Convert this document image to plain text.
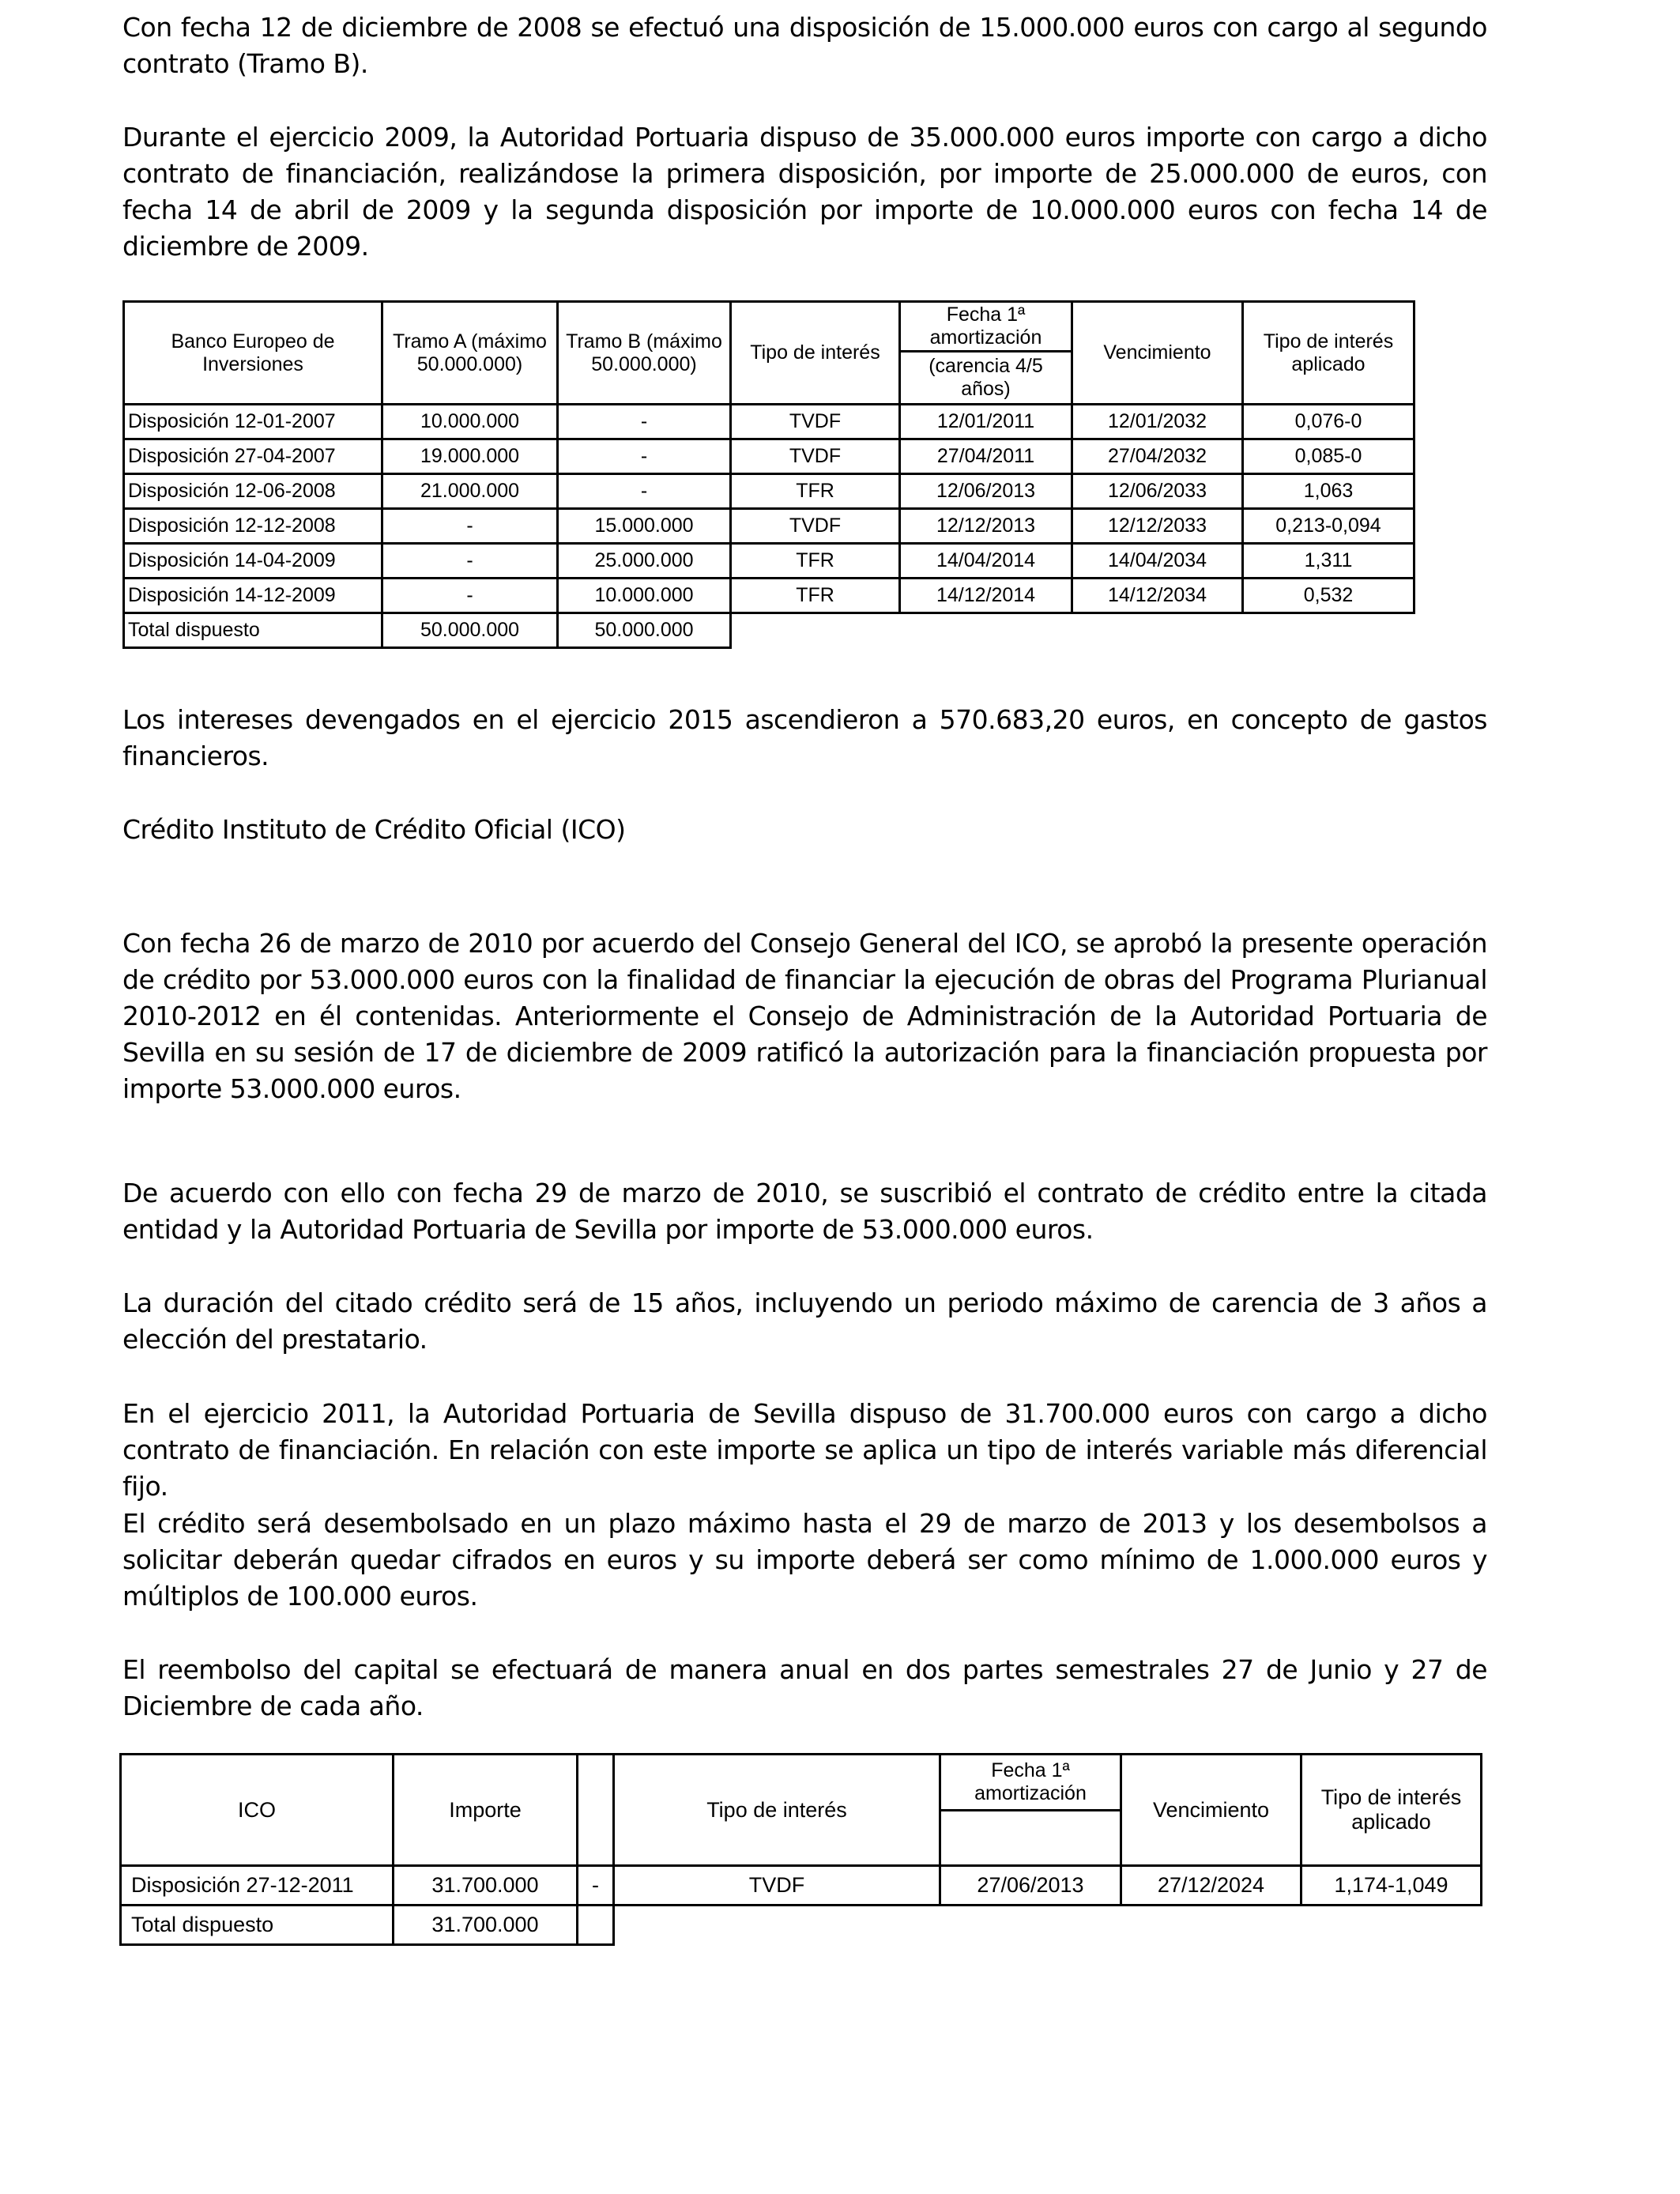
Con fecha 12 de diciembre de 2008 se efectuó una disposición de 15.000.000 euros con cargo al segundo contrato (Tramo B).

Durante el ejercicio 2009, la Autoridad Portuaria dispuso de 35.000.000 euros importe con cargo a dicho contrato de financiación, realizándose la primera disposición, por importe de 25.000.000 de euros, con fecha 14 de abril de 2009 y la segunda disposición por importe de 10.000.000 euros con fecha 14 de diciembre de 2009.

Banco Europeo de Inversiones	Tramo A (máximo 50.000.000)	Tramo B (máximo 50.000.000)	Tipo de interés	Fecha 1ª amortización	Vencimiento	Tipo de interés aplicado
				(carencia 4/5 años)		
Disposición 12-01-2007	10.000.000	-	TVDF	12/01/2011	12/01/2032	0,076-0
Disposición 27-04-2007	19.000.000	-	TVDF	27/04/2011	27/04/2032	0,085-0
Disposición 12-06-2008	21.000.000	-	TFR	12/06/2013	12/06/2033	1,063
Disposición 12-12-2008	-	15.000.000	TVDF	12/12/2013	12/12/2033	0,213-0,094
Disposición 14-04-2009	-	25.000.000	TFR	14/04/2014	14/04/2034	1,311
Disposición 14-12-2009	-	10.000.000	TFR	14/12/2014	14/12/2034	0,532
Total dispuesto	50.000.000	50.000.000				

Los intereses devengados en el ejercicio 2015 ascendieron a 570.683,20 euros, en concepto de gastos financieros.

Crédito Instituto de Crédito Oficial (ICO)

Con fecha 26 de marzo de 2010 por acuerdo del Consejo General del ICO, se aprobó la presente operación de crédito por 53.000.000 euros con la finalidad de financiar la ejecución de obras del Programa Plurianual 2010-2012 en él contenidas. Anteriormente el Consejo de Administración de la Autoridad Portuaria de Sevilla en su sesión de 17 de diciembre de 2009 ratificó la autorización para la financiación propuesta por importe 53.000.000 euros.

De acuerdo con ello con fecha 29 de marzo de 2010, se suscribió el contrato de crédito entre la citada entidad y la Autoridad Portuaria de Sevilla por importe de 53.000.000 euros.

La duración del citado crédito será de 15 años, incluyendo un periodo máximo de carencia de 3 años a elección del prestatario.

En el ejercicio 2011, la Autoridad Portuaria de Sevilla dispuso de 31.700.000 euros con cargo a dicho contrato de financiación. En relación con este importe se aplica un tipo de interés variable más diferencial fijo.

El crédito será desembolsado en un plazo máximo hasta el 29 de marzo de 2013 y los desembolsos a solicitar deberán quedar cifrados en euros y su importe deberá ser como mínimo de 1.000.000 euros y múltiplos de 100.000 euros.

El reembolso del capital se efectuará de manera anual en dos partes semestrales 27 de Junio y 27 de Diciembre de cada año.

ICO	Importe		Tipo de interés	Fecha 1ª amortización	Vencimiento	Tipo de interés aplicado

Disposición 27-12-2011	31.700.000	-	TVDF	27/06/2013	27/12/2024	1,174-1,049
Total dispuesto	31.700.000					
